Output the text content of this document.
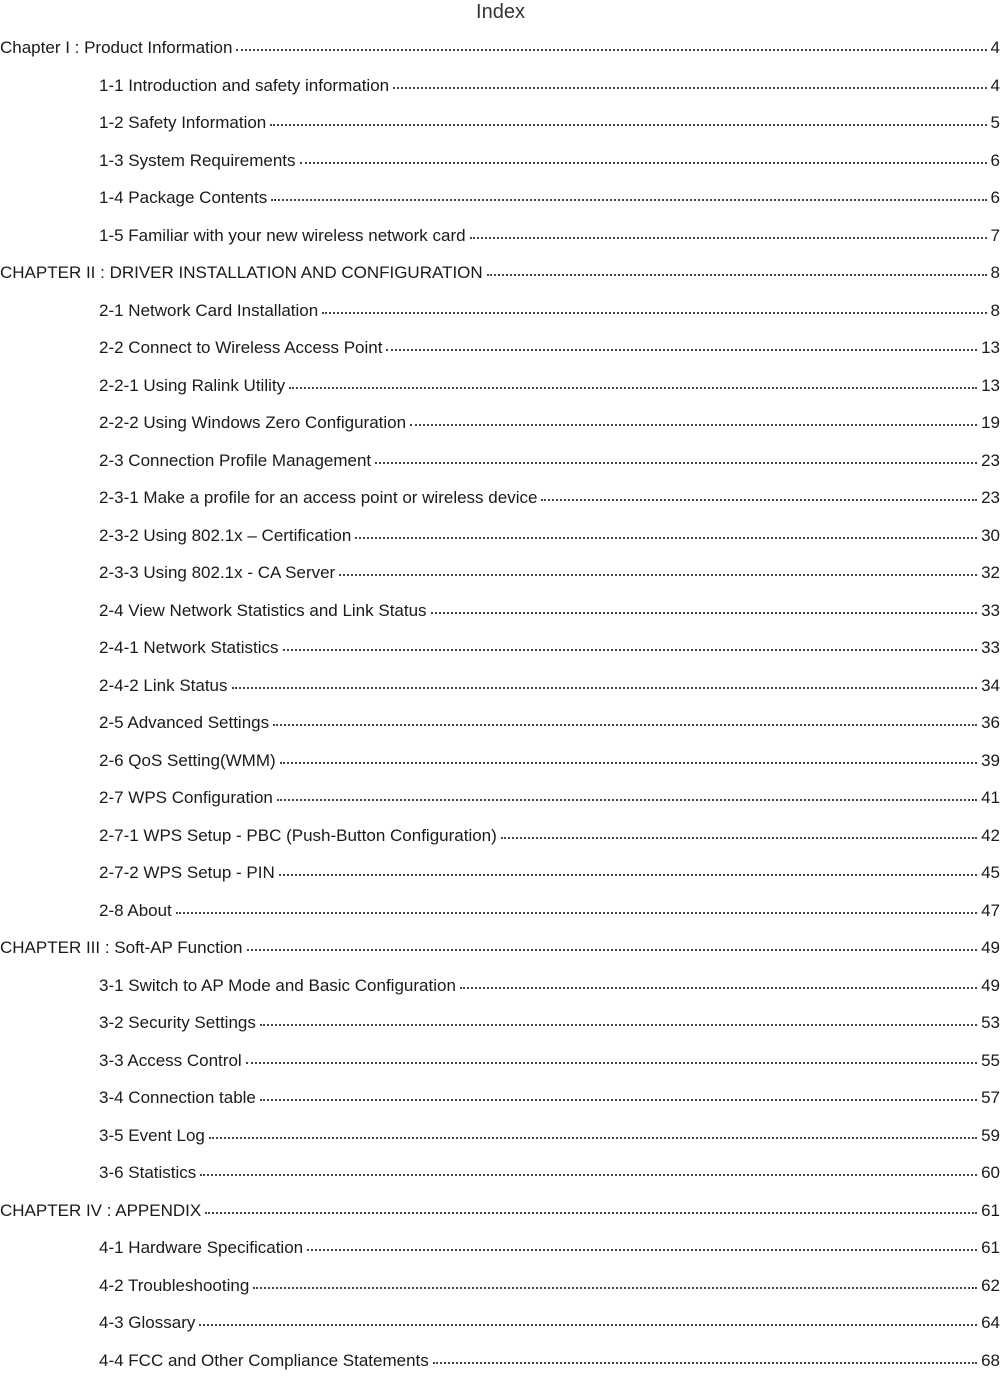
Index
Chapter I : Product Information	4
1-1 Introduction and safety information	4
1-2 Safety Information	5
1-3 System Requirements	6
1-4 Package Contents	6
1-5 Familiar with your new wireless network card	7
CHAPTER II : DRIVER INSTALLATION AND CONFIGURATION	8
2-1 Network Card Installation	8
2-2 Connect to Wireless Access Point	13
2-2-1 Using Ralink Utility	13
2-2-2 Using Windows Zero Configuration	19
2-3 Connection Profile Management	23
2-3-1 Make a profile for an access point or wireless device	23
2-3-2 Using 802.1x – Certification	30
2-3-3 Using 802.1x - CA Server	32
2-4 View Network Statistics and Link Status	33
2-4-1 Network Statistics	33
2-4-2 Link Status	34
2-5 Advanced Settings	36
2-6 QoS Setting(WMM)	39
2-7 WPS Configuration	41
2-7-1 WPS Setup - PBC (Push-Button Configuration)	42
2-7-2 WPS Setup - PIN	45
2-8 About	47
CHAPTER III : Soft-AP Function	49
3-1 Switch to AP Mode and Basic Configuration	49
3-2 Security Settings	53
3-3 Access Control	55
3-4 Connection table	57
3-5 Event Log	59
3-6 Statistics	60
CHAPTER IV : APPENDIX	61
4-1 Hardware Specification	61
4-2 Troubleshooting	62
4-3 Glossary	64
4-4 FCC and Other Compliance Statements	68
